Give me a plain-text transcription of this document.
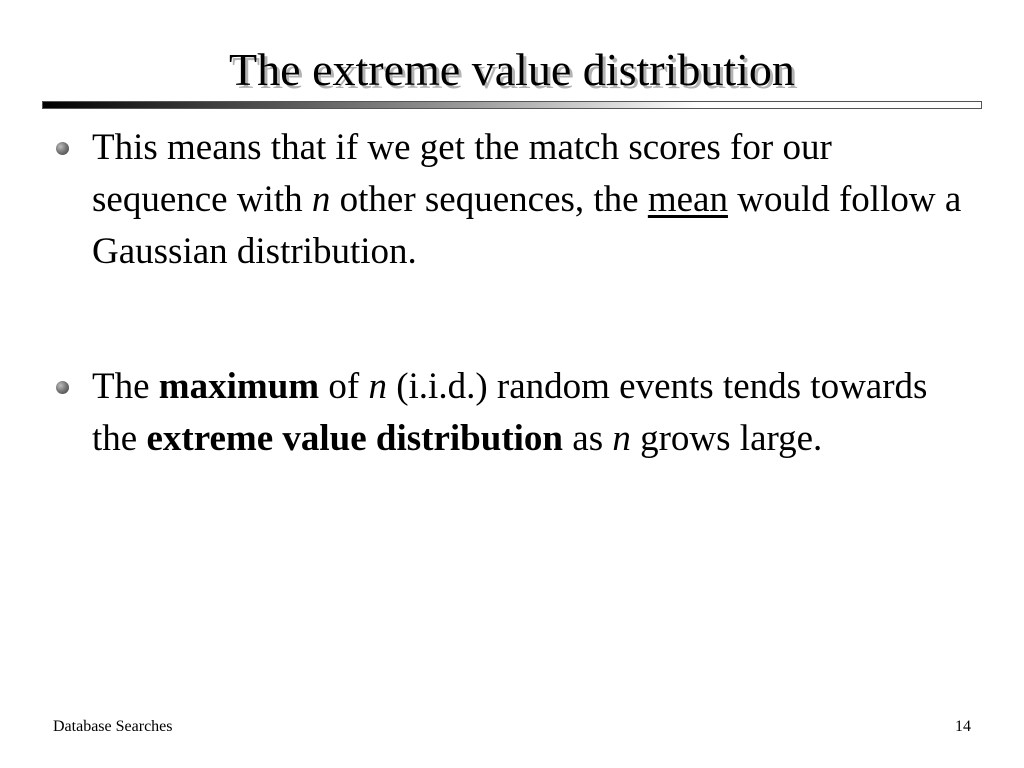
The extreme value distribution
This means that if we get the match scores for our sequence with n other sequences, the mean would follow a Gaussian distribution.
The maximum of n (i.i.d.) random events tends towards the extreme value distribution as n grows large.
Database Searches	14
